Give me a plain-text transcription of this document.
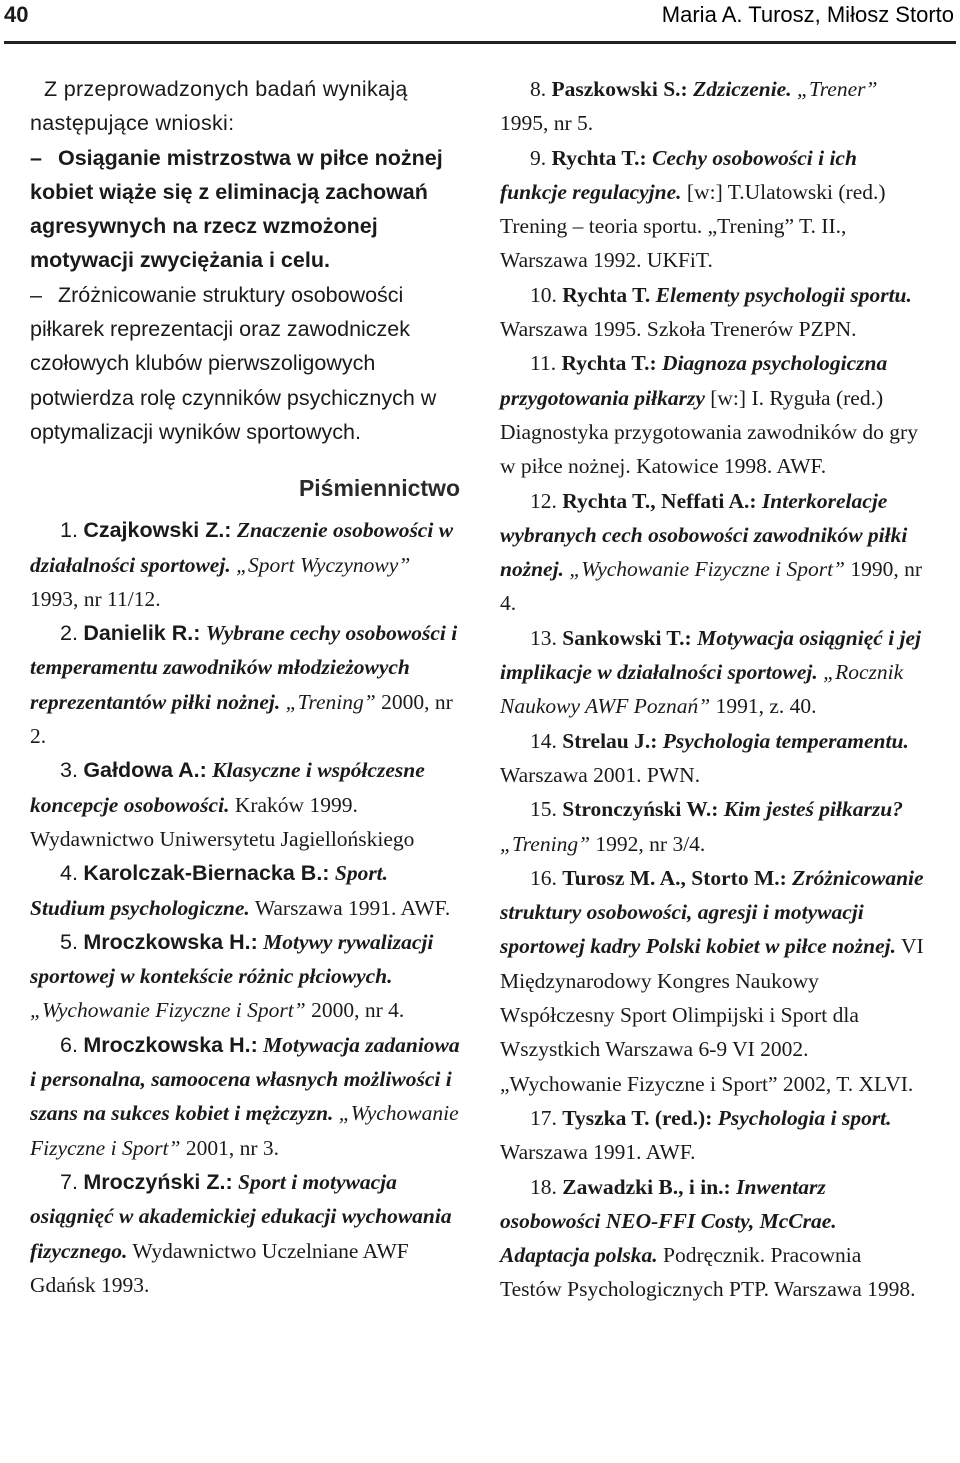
40	Maria A. Turosz, Miłosz Storto

Z przeprowadzonych badań wynikają następujące wnioski:

– Osiąganie mistrzostwa w piłce nożnej kobiet wiąże się z eliminacją zachowań agresywnych na rzecz wzmożonej motywacji zwyciężania i celu.

– Zróżnicowanie struktury osobowości piłkarek reprezentacji oraz zawodniczek czołowych klubów pierwszoligowych potwierdza rolę czynników psychicznych w optymalizacji wyników sportowych.

Piśmiennictwo

1. Czajkowski Z.: Znaczenie osobowości w działalności sportowej. „Sport Wyczynowy” 1993, nr 11/12.

2. Danielik R.: Wybrane cechy osobowości i temperamentu zawodników młodzieżowych reprezentantów piłki nożnej. „Trening” 2000, nr 2.

3. Gałdowa A.: Klasyczne i współczesne koncepcje osobowości. Kraków 1999. Wydawnictwo Uniwersytetu Jagiellońskiego

4. Karolczak-Biernacka B.: Sport. Studium psychologiczne. Warszawa 1991. AWF.

5. Mroczkowska H.: Motywy rywalizacji sportowej w kontekście różnic płciowych. „Wychowanie Fizyczne i Sport” 2000, nr 4.

6. Mroczkowska H.: Motywacja zadaniowa i personalna, samoocena własnych możliwości i szans na sukces kobiet i mężczyzn. „Wychowanie Fizyczne i Sport” 2001, nr 3.

7. Mroczyński Z.: Sport i motywacja osiągnięć w akademickiej edukacji wychowania fizycznego. Wydawnictwo Uczelniane AWF Gdańsk 1993.

8. Paszkowski S.: Zdziczenie. „Trener” 1995, nr 5.

9. Rychta T.: Cechy osobowości i ich funkcje regulacyjne. [w:] T.Ulatowski (red.) Trening – teoria sportu. „Trening” T. II., Warszawa 1992. UKFiT.

10. Rychta T. Elementy psychologii sportu. Warszawa 1995. Szkoła Trenerów PZPN.

11. Rychta T.: Diagnoza psychologiczna przygotowania piłkarzy [w:] I. Ryguła (red.) Diagnostyka przygotowania zawodników do gry w piłce nożnej. Katowice 1998. AWF.

12. Rychta T., Neffati A.: Interkorelacje wybranych cech osobowości zawodników piłki nożnej. „Wychowanie Fizyczne i Sport” 1990, nr 4.

13. Sankowski T.: Motywacja osiągnięć i jej implikacje w działalności sportowej. „Rocznik Naukowy AWF Poznań” 1991, z. 40.

14. Strelau J.: Psychologia temperamentu. Warszawa 2001. PWN.

15. Stronczyński W.: Kim jesteś piłkarzu? „Trening” 1992, nr 3/4.

16. Turosz M. A., Storto M.: Zróżnicowanie struktury osobowości, agresji i motywacji sportowej kadry Polski kobiet w piłce nożnej. VI Międzynarodowy Kongres Naukowy Współczesny Sport Olimpijski i Sport dla Wszystkich Warszawa 6-9 VI 2002. „Wychowanie Fizyczne i Sport” 2002, T. XLVI.

17. Tyszka T. (red.): Psychologia i sport. Warszawa 1991. AWF.

18. Zawadzki B., i in.: Inwentarz osobowości NEO-FFI Costy, McCrae. Adaptacja polska. Podręcznik. Pracownia Testów Psychologicznych PTP. Warszawa 1998.
